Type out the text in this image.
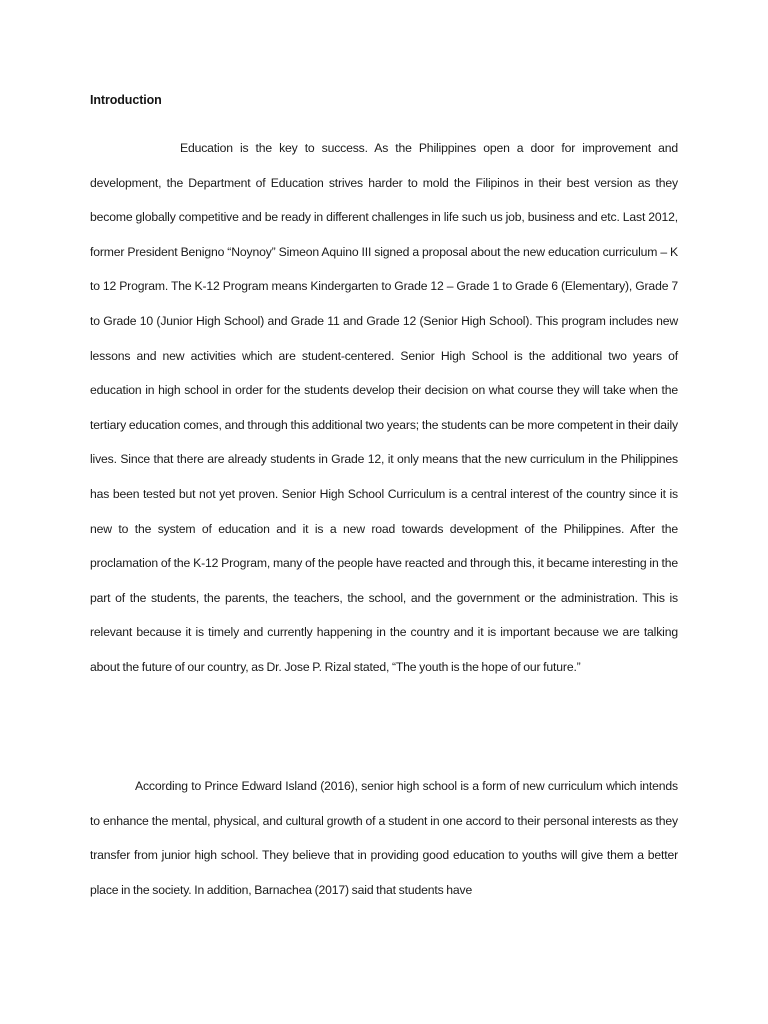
Introduction

Education is the key to success. As the Philippines open a door for improvement and development, the Department of Education strives harder to mold the Filipinos in their best version as they become globally competitive and be ready in different challenges in life such us job, business and etc. Last 2012, former President Benigno “Noynoy” Simeon Aquino III signed a proposal about the new education curriculum – K to 12 Program. The K-12 Program means Kindergarten to Grade 12 – Grade 1 to Grade 6 (Elementary), Grade 7 to Grade 10 (Junior High School) and Grade 11 and Grade 12 (Senior High School). This program includes new lessons and new activities which are student-centered. Senior High School is the additional two years of education in high school in order for the students develop their decision on what course they will take when the tertiary education comes, and through this additional two years; the students can be more competent in their daily lives. Since that there are already students in Grade 12, it only means that the new curriculum in the Philippines has been tested but not yet proven. Senior High School Curriculum is a central interest of the country since it is new to the system of education and it is a new road towards development of the Philippines. After the proclamation of the K-12 Program, many of the people have reacted and through this, it became interesting in the part of the students, the parents, the teachers, the school, and the government or the administration. This is relevant because it is timely and currently happening in the country and it is important because we are talking about the future of our country, as Dr. Jose P. Rizal stated, “The youth is the hope of our future.”

According to Prince Edward Island (2016), senior high school is a form of new curriculum which intends to enhance the mental, physical, and cultural growth of a student in one accord to their personal interests as they transfer from junior high school. They believe that in providing good education to youths will give them a better place in the society. In addition, Barnachea (2017) said that students have
